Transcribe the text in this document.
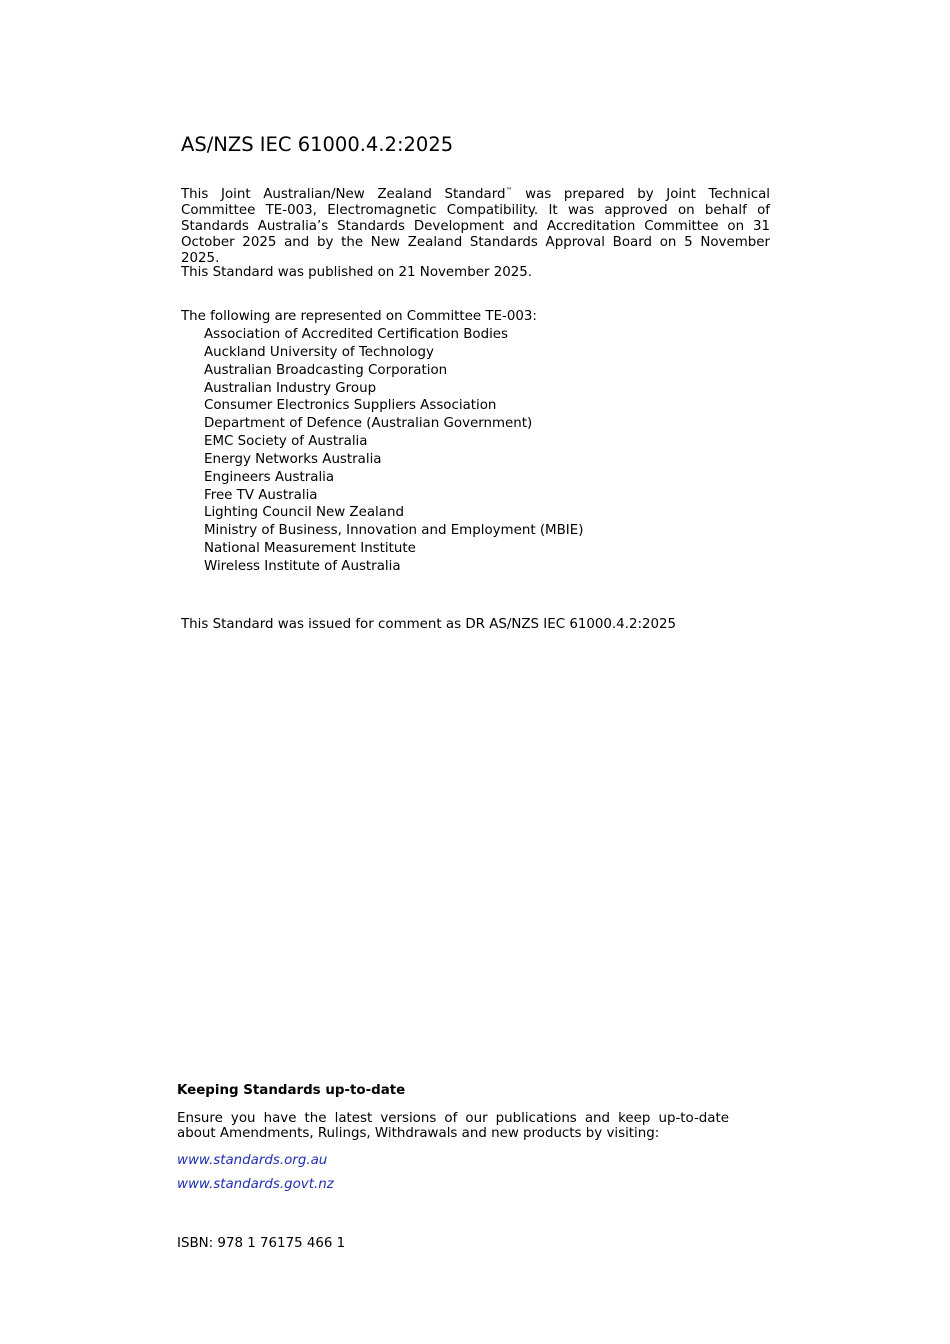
AS/NZS IEC 61000.4.2:2025

This Joint Australian/New Zealand Standard™ was prepared by Joint Technical Committee TE-003, Electromagnetic Compatibility. It was approved on behalf of Standards Australia’s Standards Development and Accreditation Committee on 31 October 2025 and by the New Zealand Standards Approval Board on 5 November 2025.

This Standard was published on 21 November 2025.

The following are represented on Committee TE-003:

Association of Accredited Certification Bodies
Auckland University of Technology
Australian Broadcasting Corporation
Australian Industry Group
Consumer Electronics Suppliers Association
Department of Defence (Australian Government)
EMC Society of Australia
Energy Networks Australia
Engineers Australia
Free TV Australia
Lighting Council New Zealand
Ministry of Business, Innovation and Employment (MBIE)
National Measurement Institute
Wireless Institute of Australia

This Standard was issued for comment as DR AS/NZS IEC 61000.4.2:2025

Keeping Standards up-to-date

Ensure you have the latest versions of our publications and keep up-to-date about Amendments, Rulings, Withdrawals and new products by visiting:

www.standards.org.au
www.standards.govt.nz

ISBN: 978 1 76175 466 1
